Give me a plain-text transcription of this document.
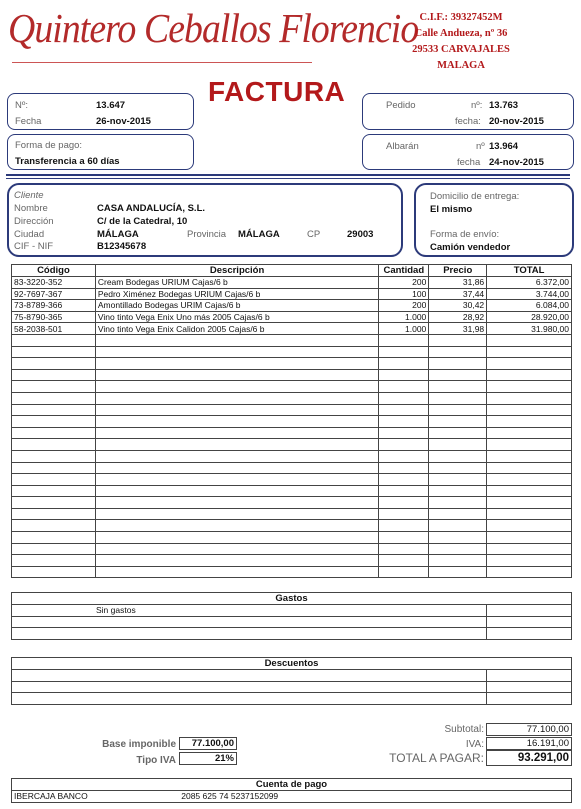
Quintero Ceballos Florencio
FACTURA
C.I.F.: 39327452M
Calle Andueza, nº 36
29533 CARVAJALES
MALAGA
Nº:	13.647
Fecha	26-nov-2015
Forma de pago:
Transferencia a 60 días
Pedido	nº: 13.763
fecha: 20-nov-2015
Albarán	nº 13.964
fecha 24-nov-2015
Cliente
Nombre	CASA ANDALUCÍA, S.L.
Dirección	C/ de la Catedral, 10
Ciudad	MÁLAGA	Provincia MÁLAGA	CP	29003
CIF - NIF	B12345678
Domicilio de entrega:
El mismo
Forma de envío:
Camión vendedor
Código	Descripción	Cantidad	Precio	TOTAL
83-3220-352	Cream Bodegas URIUM Cajas/6 b	200	31,86	6.372,00
92-7697-367	Pedro Ximénez Bodegas URIUM Cajas/6 b	100	37,44	3.744,00
73-8789-366	Amontillado Bodegas URIM Cajas/6 b	200	30,42	6.084,00
75-8790-365	Vino tinto Vega Enix Uno más 2005 Cajas/6 b	1.000	28,92	28.920,00
58-2038-501	Vino tinto Vega Enix Calidon 2005 Cajas/6 b	1.000	31,98	31.980,00

Gastos	
Sin gastos	

Descuentos	

Base imponible	77.100,00
Tipo IVA	21%
Subtotal:	77.100,00
IVA:	16.191,00
TOTAL A PAGAR:	93.291,00
Cuenta de pago
IBERCAJA BANCO	2085 625 74 5237152099
